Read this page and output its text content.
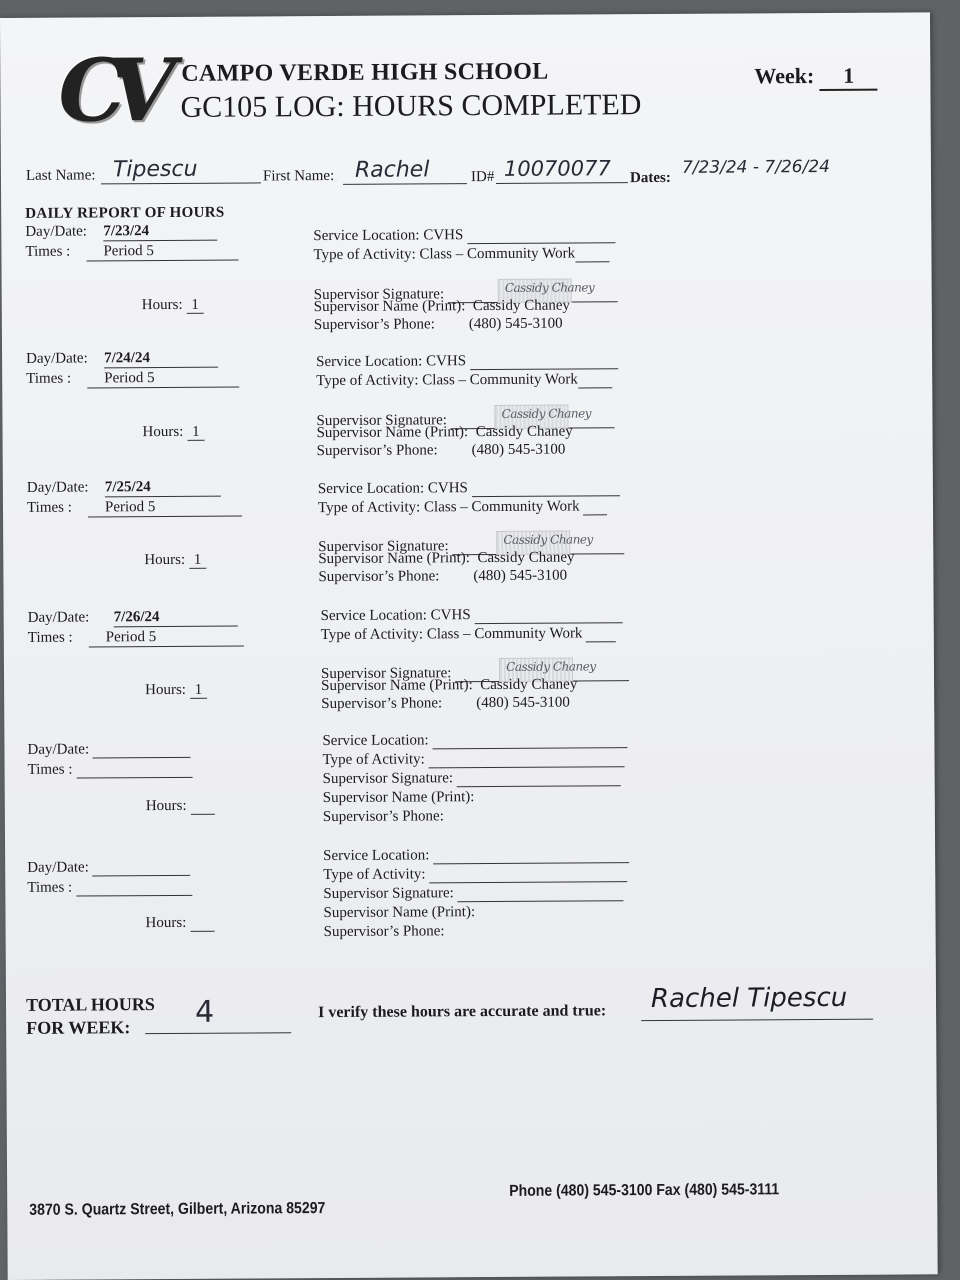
CV CAMPO VERDE HIGH SCHOOL
GC105 LOG: HOURS COMPLETED
Week: 1
Last Name: Tipescu	First Name: Rachel	ID# 10070077 Dates:
7/23/24 - 7/26/24
DAILY REPORT OF HOURS
Day/Date: 7/23/24
Times :	Period 5
Hours: 1
Service Location: CVHS
Type of Activity: Class – Community Work
Supervisor Signature:	Cassidy Chaney
Supervisor Name (Print): Cassidy Chaney
Supervisor’s Phone: (480) 545-3100
Day/Date: 7/24/24
Times :	Period 5
Hours: 1
Service Location: CVHS
Type of Activity: Class – Community Work
Supervisor Signature:	Cassidy Chaney
Supervisor Name (Print): Cassidy Chaney
Supervisor’s Phone: (480) 545-3100
Day/Date: 7/25/24
Times :	Period 5
Hours: 1
Service Location: CVHS
Type of Activity: Class – Community Work
Supervisor Signature:	Cassidy Chaney
Supervisor Name (Print): Cassidy Chaney
Supervisor’s Phone: (480) 545-3100
Day/Date: 7/26/24
Times :	Period 5
Hours: 1
Service Location: CVHS
Type of Activity: Class – Community Work
Supervisor Signature:	Cassidy Chaney
Supervisor Name (Print): Cassidy Chaney
Supervisor’s Phone: (480) 545-3100
Day/Date:
Times :
Hours:
Service Location:
Type of Activity:
Supervisor Signature:
Supervisor Name (Print):
Supervisor’s Phone:
Day/Date:
Times :
Hours:
Service Location:
Type of Activity:
Supervisor Signature:
Supervisor Name (Print):
Supervisor’s Phone:
TOTAL HOURS
FOR WEEK: 4	I verify these hours are accurate and true: Rachel Tipescu
3870 S. Quartz Street, Gilbert, Arizona 85297
Phone (480) 545-3100 Fax (480) 545-3111
